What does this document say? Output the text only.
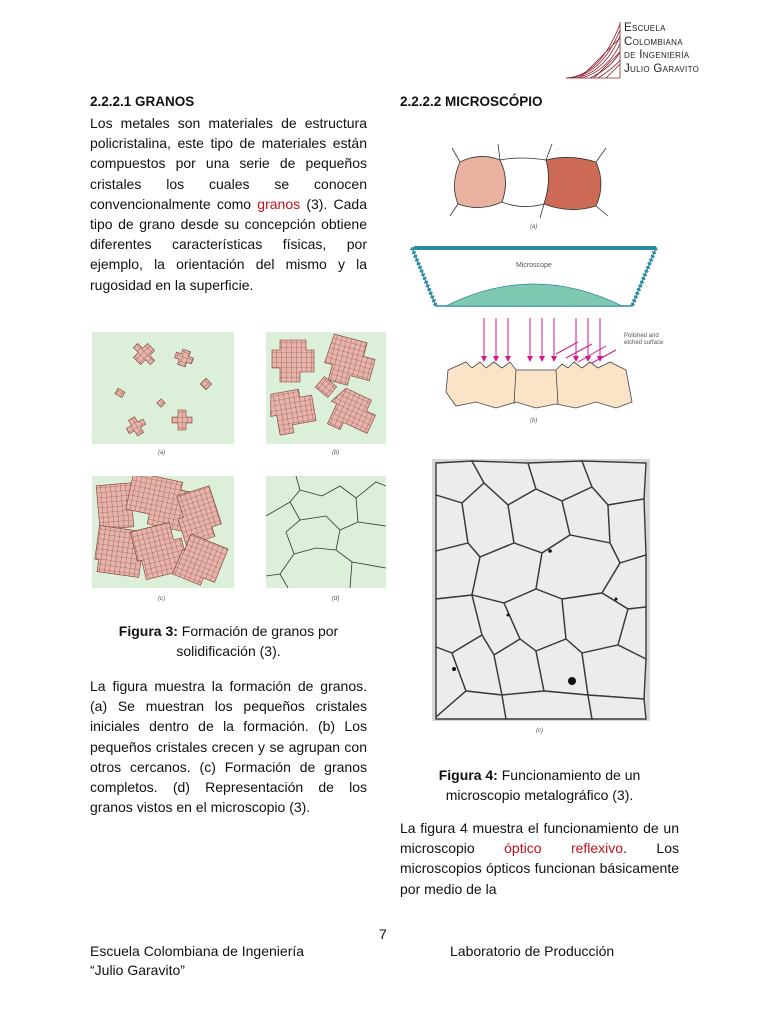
Escuela
Colombiana
de Ingeniería
Julio Garavito
2.2.2.1 GRANOS
Los metales son materiales de estructura policristalina, este tipo de materiales están compuestos por una serie de pequeños cristales los cuales se conocen convencionalmente como granos (3). Cada tipo de grano desde su concepción obtiene diferentes características físicas, por ejemplo, la orientación del mismo y la rugosidad en la superficie.
(a)	(b)
(c)	(d)
Figura 3: Formación de granos por solidificación (3).
La figura muestra la formación de granos. (a) Se muestran los pequeños cristales iniciales dentro de la formación. (b) Los pequeños cristales crecen y se agrupan con otros cercanos. (c) Formación de granos completos. (d) Representación de los granos vistos en el microscopio (3).
2.2.2.2 MICROSCÓPIO
(a)
Microscope
Polished and
etched surface
(b)
(c)
Figura 4: Funcionamiento de un microscopio metalográfico (3).
La figura 4 muestra el funcionamiento de un microscopio óptico reflexivo. Los microscopios ópticos funcionan básicamente por medio de la
7
Escuela Colombiana de Ingeniería
“Julio Garavito”
Laboratorio de Producción
